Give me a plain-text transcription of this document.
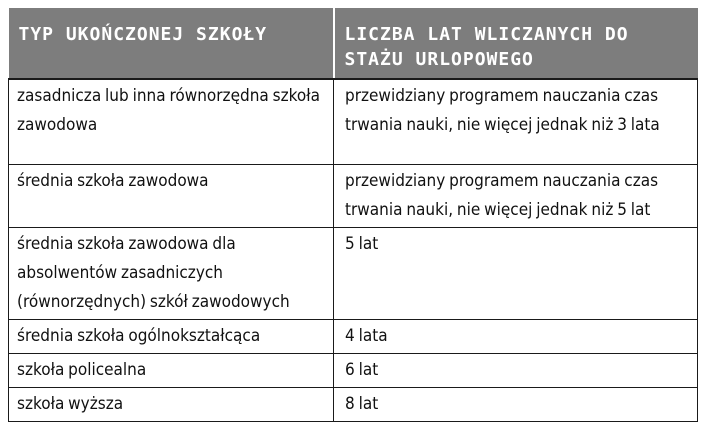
TYP UKOŃCZONEJ SZKOŁY	LICZBA LAT WLICZANYCH DO STAŻU URLOPOWEGO
zasadnicza lub inna równorzędna szkoła zawodowa	przewidziany programem nauczania czas trwania nauki, nie więcej jednak niż 3 lata
średnia szkoła zawodowa	przewidziany programem nauczania czas trwania nauki, nie więcej jednak niż 5 lat
średnia szkoła zawodowa dla absolwentów zasadniczych (równorzędnych) szkół zawodowych	5 lat
średnia szkoła ogólnokształcąca	4 lata
szkoła policealna	6 lat
szkoła wyższa	8 lat
